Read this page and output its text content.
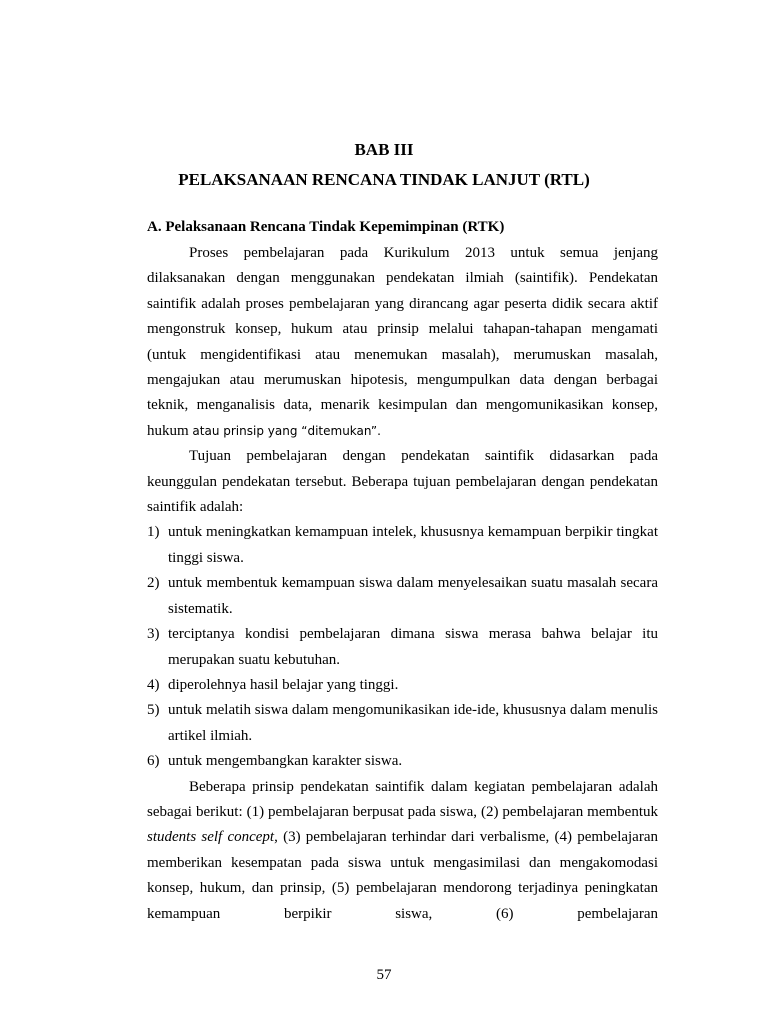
BAB III
PELAKSANAAN RENCANA TINDAK LANJUT (RTL)
A. Pelaksanaan Rencana Tindak Kepemimpinan (RTK)

Proses pembelajaran pada Kurikulum 2013 untuk semua jenjang dilaksanakan dengan menggunakan pendekatan ilmiah (saintifik). Pendekatan saintifik adalah proses pembelajaran yang dirancang agar peserta didik secara aktif mengonstruk konsep, hukum atau prinsip melalui tahapan-tahapan mengamati (untuk mengidentifikasi atau menemukan masalah), merumuskan masalah, mengajukan atau merumuskan hipotesis, mengumpulkan data dengan berbagai teknik, menganalisis data, menarik kesimpulan dan mengomunikasikan konsep, hukum atau prinsip yang “ditemukan”.

Tujuan pembelajaran dengan pendekatan saintifik didasarkan pada keunggulan pendekatan tersebut. Beberapa tujuan pembelajaran dengan pendekatan saintifik adalah:

1) untuk meningkatkan kemampuan intelek, khususnya kemampuan berpikir tingkat tinggi siswa.
2) untuk membentuk kemampuan siswa dalam menyelesaikan suatu masalah secara sistematik.
3) terciptanya kondisi pembelajaran dimana siswa merasa bahwa belajar itu merupakan suatu kebutuhan.
4) diperolehnya hasil belajar yang tinggi.
5) untuk melatih siswa dalam mengomunikasikan ide-ide, khususnya dalam menulis artikel ilmiah.
6) untuk mengembangkan karakter siswa.

Beberapa prinsip pendekatan saintifik dalam kegiatan pembelajaran adalah sebagai berikut: (1) pembelajaran berpusat pada siswa, (2) pembelajaran membentuk students self concept, (3) pembelajaran terhindar dari verbalisme, (4) pembelajaran memberikan kesempatan pada siswa untuk mengasimilasi dan mengakomodasi konsep, hukum, dan prinsip, (5) pembelajaran mendorong terjadinya peningkatan kemampuan berpikir siswa, (6) pembelajaran

57
